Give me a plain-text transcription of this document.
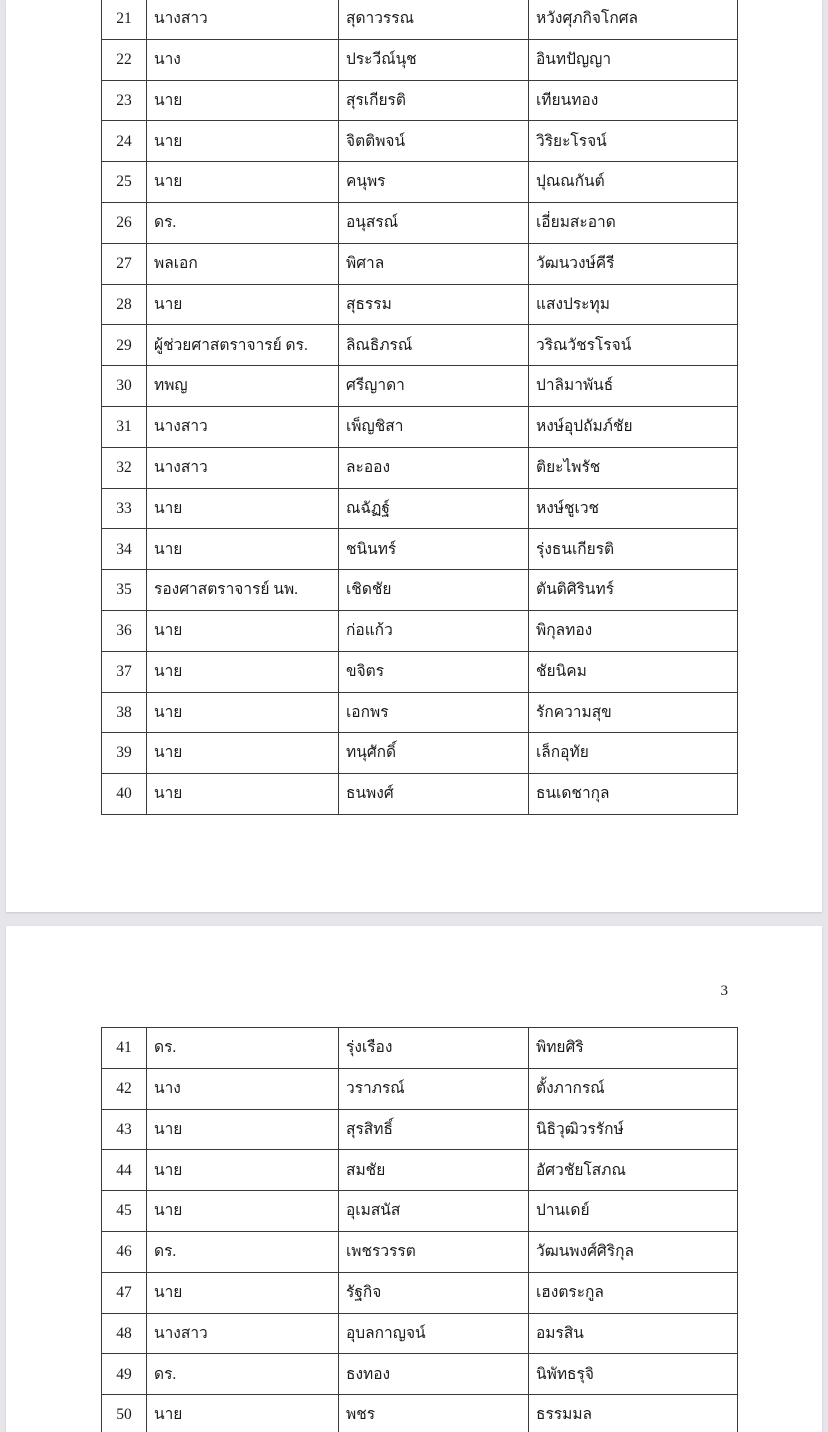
21	นางสาว	สุดาวรรณ	หวังศุภกิจโกศล
22	นาง	ประวีณ์นุช	อินทปัญญา
23	นาย	สุรเกียรติ	เทียนทอง
24	นาย	จิตติพจน์	วิริยะโรจน์
25	นาย	คนุพร	ปุณณกันต์
26	ดร.	อนุสรณ์	เอี่ยมสะอาด
27	พลเอก	พิศาล	วัฒนวงษ์คีรี
28	นาย	สุธรรม	แสงประทุม
29	ผู้ช่วยศาสตราจารย์ ดร.	ลิณธิภรณ์	วริณวัชรโรจน์
30	ทพญ	ศรีญาดา	ปาลิมาพันธ์
31	นางสาว	เพ็ญชิสา	หงษ์อุปถัมภ์ชัย
32	นางสาว	ละออง	ติยะไพรัช
33	นาย	ณฉัฏฐ์	หงษ์ชูเวช
34	นาย	ชนินทร์	รุ่งธนเกียรติ
35	รองศาสตราจารย์ นพ.	เชิดชัย	ตันติศิรินทร์
36	นาย	ก่อแก้ว	พิกุลทอง
37	นาย	ขจิตร	ชัยนิคม
38	นาย	เอกพร	รักความสุข
39	นาย	ทนุศักดิ์	เล็กอุทัย
40	นาย	ธนพงศ์	ธนเดชากุล
3
41	ดร.	รุ่งเรือง	พิทยศิริ
42	นาง	วราภรณ์	ตั้งภากรณ์
43	นาย	สุรสิทธิ์	นิธิวุฒิวรรักษ์
44	นาย	สมชัย	อัศวชัยโสภณ
45	นาย	อุเมสนัส	ปานเดย์
46	ดร.	เพชรวรรต	วัฒนพงศ์ศิริกุล
47	นาย	รัฐกิจ	เฮงตระกูล
48	นางสาว	อุบลกาญจน์	อมรสิน
49	ดร.	ธงทอง	นิพัทธรุจิ
50	นาย	พชร	ธรรมมล
